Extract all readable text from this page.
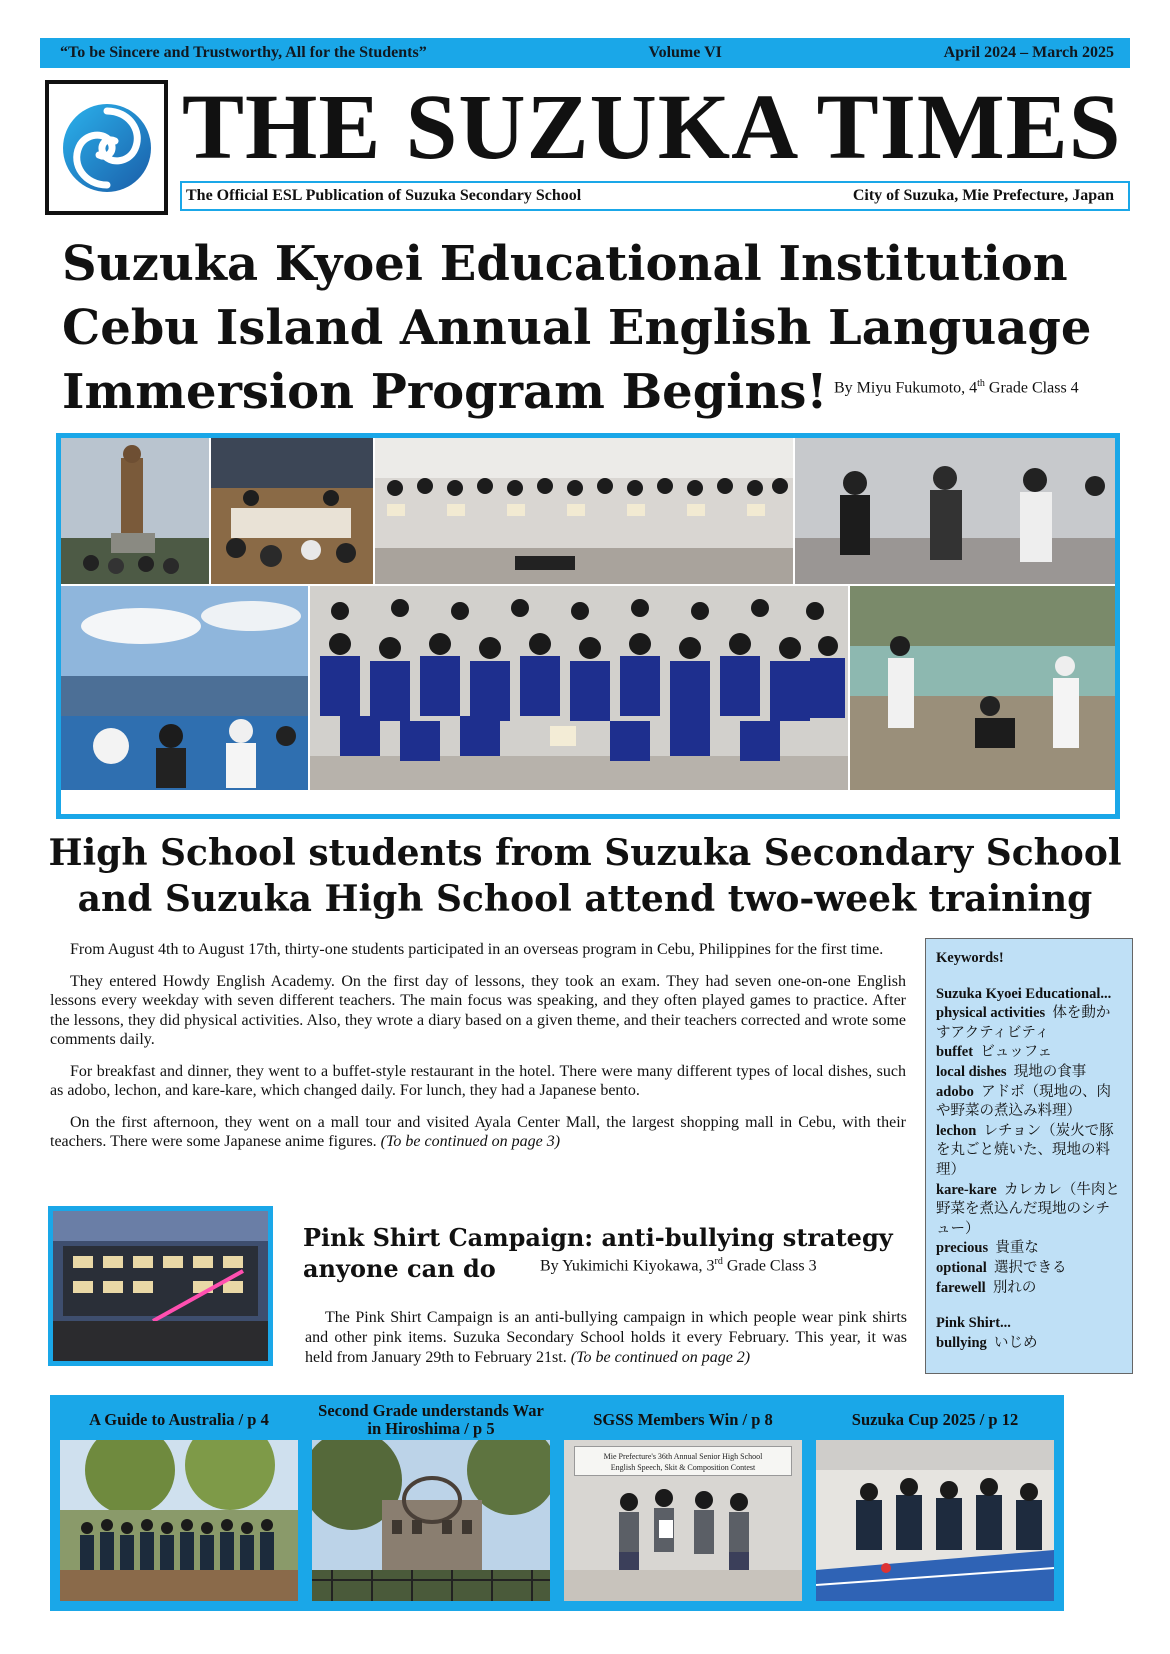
“To be Sincere and Trustworthy, All for the Students”	Volume VI	April 2024 – March 2025
THE SUZUKA TIMES
The Official ESL Publication of Suzuka Secondary School	City of Suzuka, Mie Prefecture, Japan
Suzuka Kyoei Educational Institution
Cebu Island Annual English Language
Immersion Program Begins! By Miyu Fukumoto, 4th Grade Class 4
High School students from Suzuka Secondary School
and Suzuka High School attend two-week training

From August 4th to August 17th, thirty-one students participated in an overseas program in Cebu, Philippines for the first time.

They entered Howdy English Academy. On the first day of lessons, they took an exam. They had seven one-on-one English lessons every weekday with seven different teachers. The main focus was speaking, and they often played games to practice. After the lessons, they did physical activities. Also, they wrote a diary based on a given theme, and their teachers corrected and wrote some comments daily.

For breakfast and dinner, they went to a buffet-style restaurant in the hotel. There were many different types of local dishes, such as adobo, lechon, and kare-kare, which changed daily. For lunch, they had a Japanese bento.

On the first afternoon, they went on a mall tour and visited Ayala Center Mall, the largest shopping mall in Cebu, with their teachers. There were some Japanese anime figures. (To be continued on page 3)

Keywords!
Suzuka Kyoei Educational...
physical activities 体を動かすアクティビティ
buffet ビュッフェ
local dishes 現地の食事
adobo アドボ（現地の、肉や野菜の煮込み料理）
lechon レチョン（炭火で豚を丸ごと焼いた、現地の料理）
kare-kare カレカレ（牛肉と野菜を煮込んだ現地のシチュー）
precious 貴重な
optional 選択できる
farewell 別れの
Pink Shirt...
bullying いじめ
Pink Shirt Campaign: anti-bullying strategy
anyone can do	By Yukimichi Kiyokawa, 3rd Grade Class 3
The Pink Shirt Campaign is an anti-bullying campaign in which people wear pink shirts and other pink items. Suzuka Secondary School holds it every February. This year, it was held from January 29th to February 21st. (To be continued on page 2)
A Guide to Australia / p 4	Second Grade understands War in Hiroshima / p 5	SGSS Members Win / p 8
Mie Prefecture's 36th Annual Senior High School
English Speech, Skit & Composition Contest
Suzuka Cup 2025 / p 12
